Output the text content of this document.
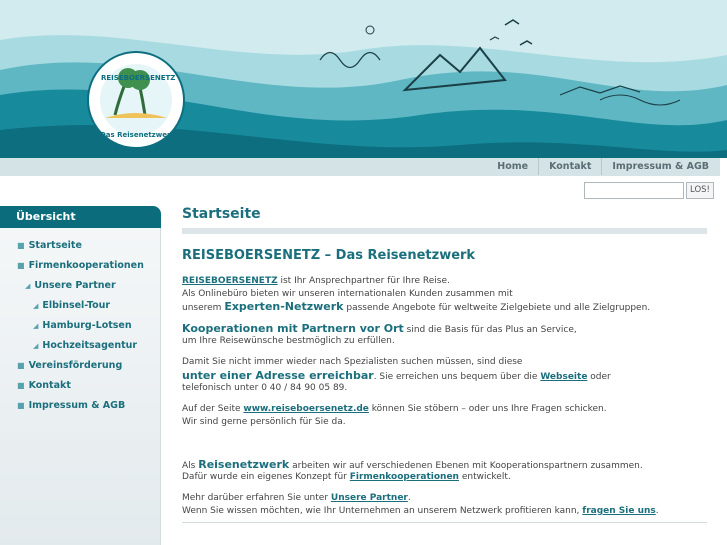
REISEBOERSENETZ
Das Reisenetzwerk
Home	Kontakt	Impressum & AGB
LOS!
Übersicht
■ Startseite
■ Firmenkooperationen
◢ Unsere Partner
◢ Elbinsel-Tour
◢ Hamburg-Lotsen
◢ Hochzeitsagentur
■ Vereinsförderung
■ Kontakt
■ Impressum & AGB
Startseite
REISEBOERSENETZ – Das Reisenetzwerk
REISEBOERSENETZ ist Ihr Ansprechpartner für Ihre Reise.
Als Onlinebüro bieten wir unseren internationalen Kunden zusammen mit
unserem Experten-Netzwerk passende Angebote für weltweite Zielgebiete und alle Zielgruppen.
Kooperationen mit Partnern vor Ort sind die Basis für das Plus an Service,
um Ihre Reisewünsche bestmöglich zu erfüllen.
Damit Sie nicht immer wieder nach Spezialisten suchen müssen, sind diese
unter einer Adresse erreichbar. Sie erreichen uns bequem über die Webseite oder
telefonisch unter 0 40 / 84 90 05 89.
Auf der Seite www.reiseboersenetz.de können Sie stöbern – oder uns Ihre Fragen schicken.
Wir sind gerne persönlich für Sie da.
Als Reisenetzwerk arbeiten wir auf verschiedenen Ebenen mit Kooperationspartnern zusammen.
Dafür wurde ein eigenes Konzept für Firmenkooperationen entwickelt.
Mehr darüber erfahren Sie unter Unsere Partner.
Wenn Sie wissen möchten, wie Ihr Unternehmen an unserem Netzwerk profitieren kann, fragen Sie uns.
